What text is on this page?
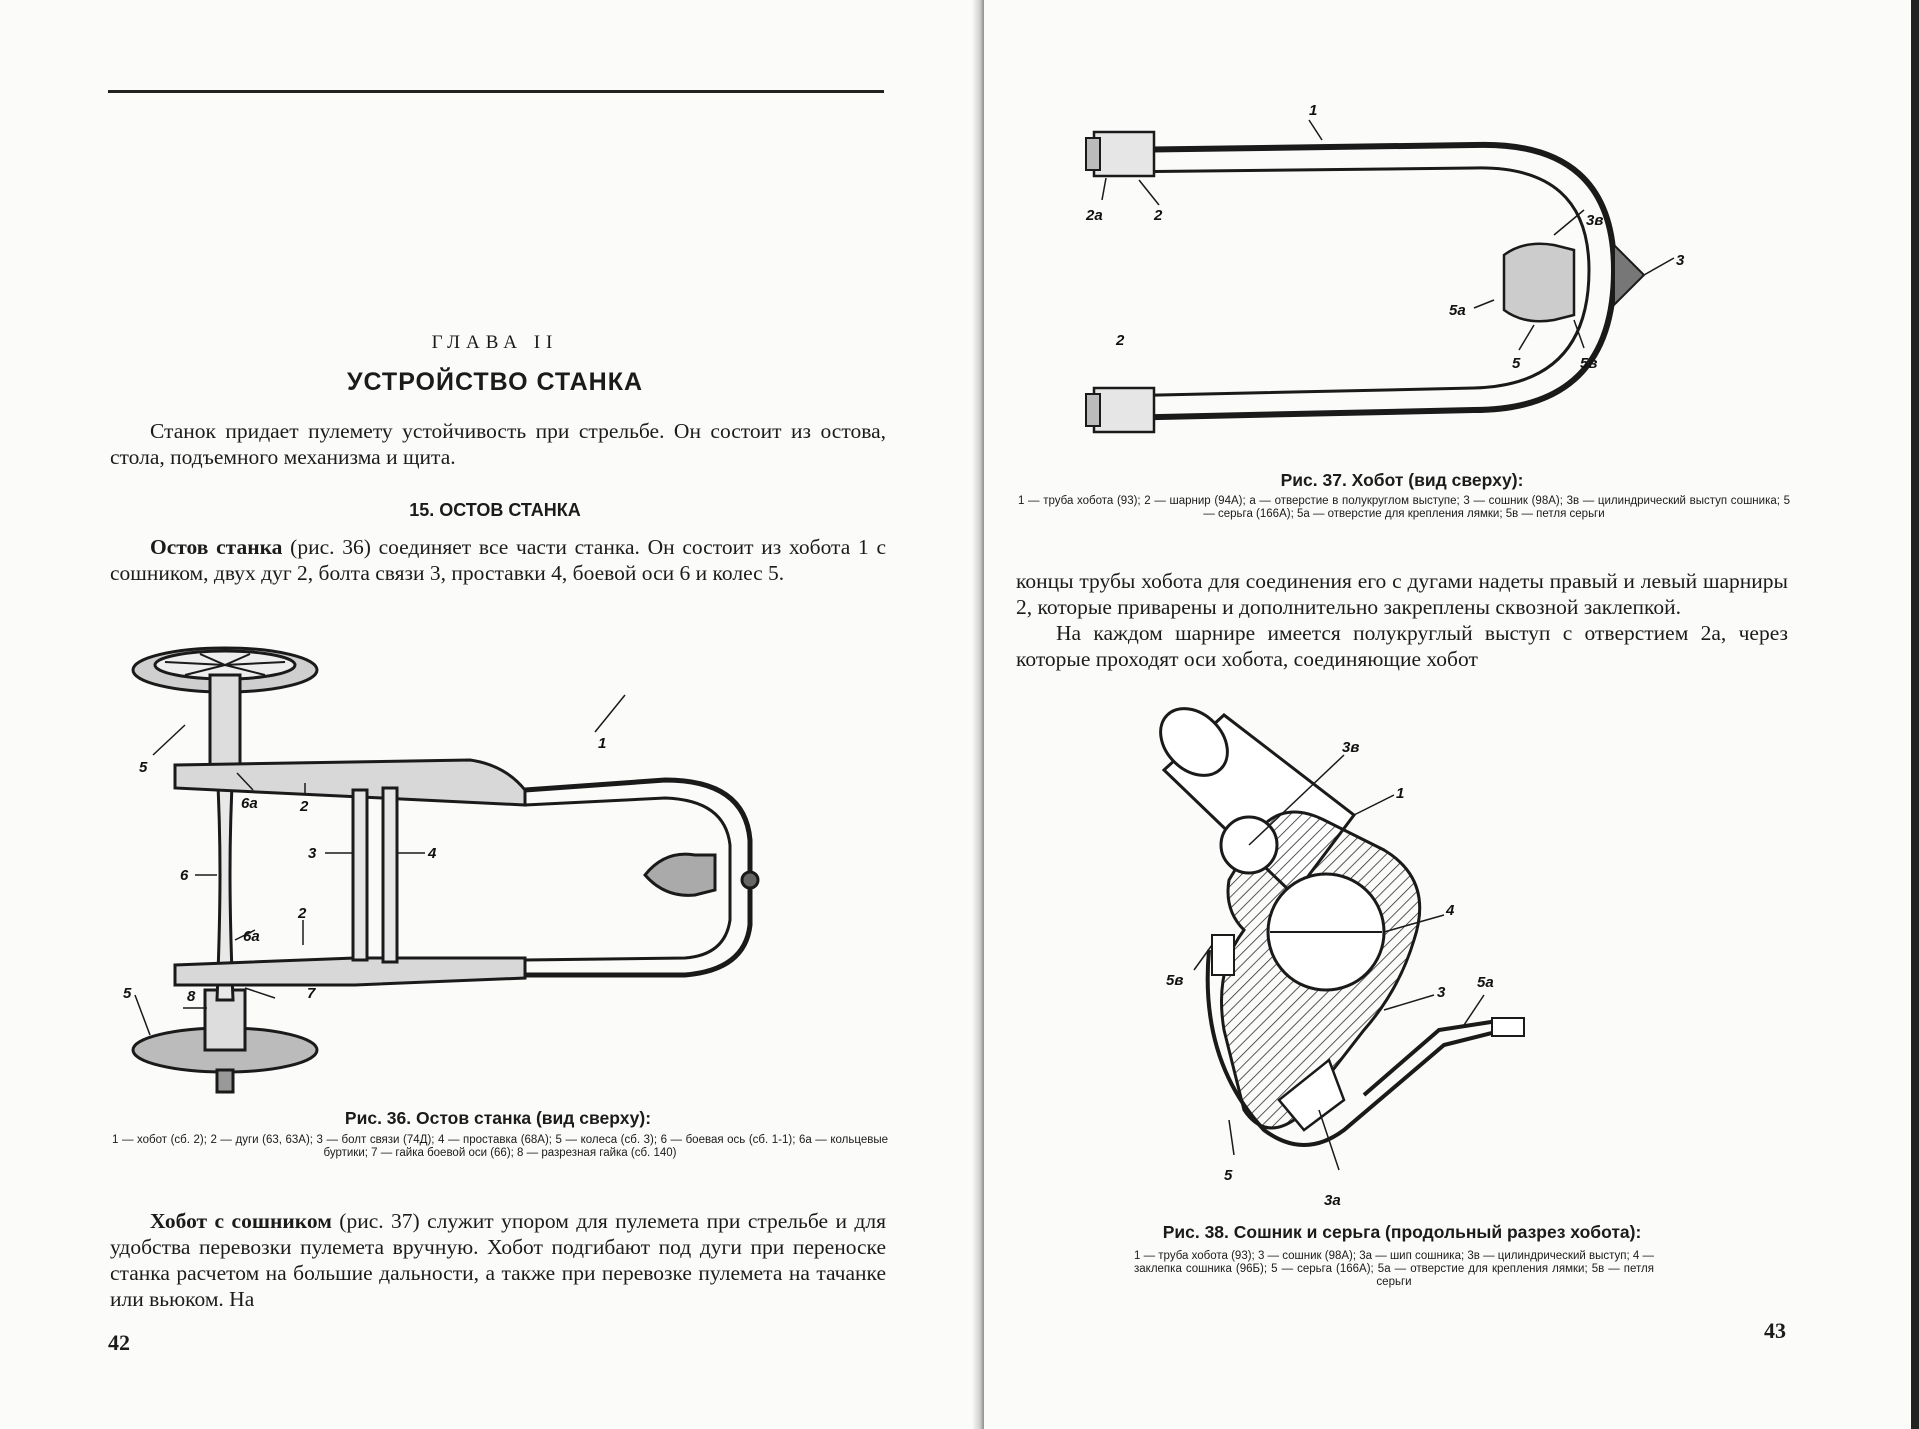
ГЛАВА II
УСТРОЙСТВО СТАНКА

Станок придает пулемету устойчивость при стрельбе. Он состоит из остова, стола, подъемного механизма и щита.

15. ОСТОВ СТАНКА

Остов станка (рис. 36) соединяет все части станка. Он состоит из хобота 1 с сошником, двух дуг 2, болта связи 3, проставки 4, боевой оси 6 и колес 5.

5
6а	2
1
3	4
6
6а
2
5	8	7
Рис. 36. Остов станка (вид сверху):
1 — хобот (сб. 2); 2 — дуги (63, 63А); 3 — болт связи (74Д); 4 — проставка (68А); 5 — колеса (сб. 3); 6 — боевая ось (сб. 1-1); 6а — кольцевые буртики; 7 — гайка боевой оси (66); 8 — разрезная гайка (сб. 140)

Хобот с сошником (рис. 37) служит упором для пулемета при стрельбе и для удобства перевозки пулемета вручную. Хобот подгибают под дуги при переноске станка расчетом на большие дальности, а также при перевозке пулемета на тачанке или вьюком. На

42
1
2а	2	3в
3
5а
2
5	5в
Рис. 37. Хобот (вид сверху):
1 — труба хобота (93); 2 — шарнир (94А); а — отверстие в полукруглом выступе; 3 — сошник (98А); 3в — цилиндрический выступ сошника; 5 — серьга (166А); 5а — отверстие для крепления лямки; 5в — петля серьги

концы трубы хобота для соединения его с дугами надеты правый и левый шарниры 2, которые приварены и дополнительно закреплены сквозной заклепкой.

На каждом шарнире имеется полукруглый выступ с отверстием 2а, через которые проходят оси хобота, соединяющие хобот

3в
1
4
5в
3
5а
5
3а
Рис. 38. Сошник и серьга (продольный разрез хобота):
1 — труба хобота (93); 3 — сошник (98А); 3а — шип сошника; 3в — цилиндрический выступ; 4 — заклепка сошника (96Б); 5 — серьга (166А); 5а — отверстие для крепления лямки; 5в — петля серьги
43
